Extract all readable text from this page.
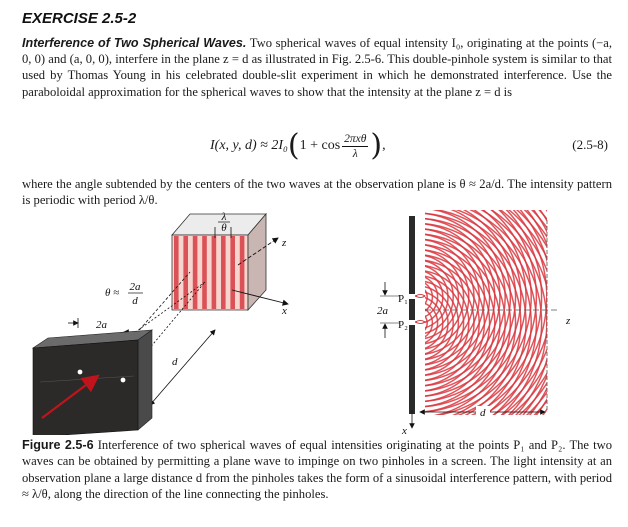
EXERCISE 2.5-2

Interference of Two Spherical Waves. Two spherical waves of equal intensity I₀, originating at the points (−a, 0, 0) and (a, 0, 0), interfere in the plane z = d as illustrated in Fig. 2.5-6. This double-pinhole system is similar to that used by Thomas Young in his celebrated double-slit experiment in which he demonstrated interference. Use the paraboloidal approximation for the spherical waves to show that the intensity at the plane z = d is

I(x, y, d) ≈ 2I₀ ( $1 + \cos \frac{\text{2πxθ}}{\lambda}$ ) ,	(2.5-8)

where the angle subtended by the centers of the two waves at the observation plane is θ ≈ 2a/d. The intensity pattern is periodic with period λ/θ.

λ
θ
z
x
θ ≈ 2a
d
d
2a
P₁
P₂
2a
z
x
d

Figure 2.5-6 Interference of two spherical waves of equal intensities originating at the points P₁ and P₂. The two waves can be obtained by permitting a plane wave to impinge on two pinholes in a screen. The light intensity at an observation plane a large distance d from the pinholes takes the form of a sinusoidal interference pattern, with period ≈ λ/θ, along the direction of the line connecting the pinholes.
